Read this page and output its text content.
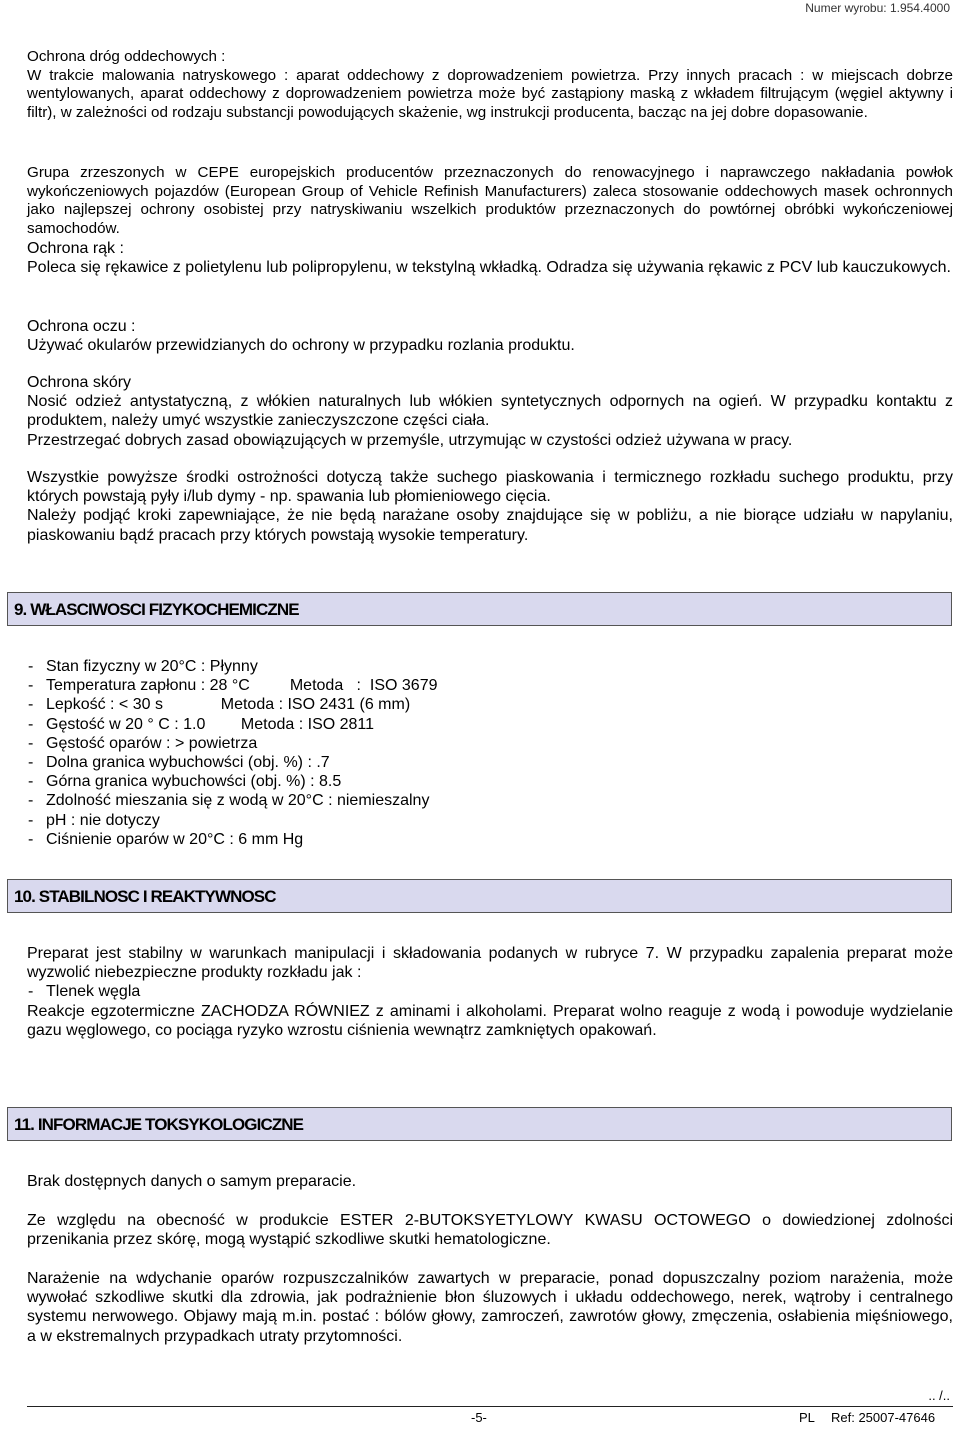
Numer wyrobu: 1.954.4000

Ochrona dróg oddechowych :

W trakcie malowania natryskowego : aparat oddechowy z doprowadzeniem powietrza. Przy innych pracach : w miejscach dobrze wentylowanych, aparat oddechowy z doprowadzeniem powietrza może być zastąpiony maską z wkładem filtrującym (węgiel aktywny i filtr), w zależności od rodzaju substancji powodujących skażenie, wg instrukcji producenta, bacząc na jej dobre dopasowanie.

Grupa zrzeszonych w CEPE europejskich producentów przeznaczonych do renowacyjnego i naprawczego nakładania powłok wykończeniowych pojazdów (European Group of Vehicle Refinish Manufacturers) zaleca stosowanie oddechowych masek ochronnych jako najlepszej ochrony osobistej przy natryskiwaniu wszelkich produktów przeznaczonych do powtórnej obróbki wykończeniowej samochodów.

Ochrona rąk :

Poleca się rękawice z polietylenu lub polipropylenu, w tekstylną wkładką. Odradza się używania rękawic z PCV lub kauczukowych.

Ochrona oczu :

Używać okularów przewidzianych do ochrony w przypadku rozlania produktu.

Ochrona skóry

Nosić odzież antystatyczną, z włókien naturalnych lub włókien syntetycznych odpornych na ogień. W przypadku kontaktu z produktem, należy umyć wszystkie zanieczyszczone części ciała.

Przestrzegać dobrych zasad obowiązujących w przemyśle, utrzymując w czystości odzież używana w pracy.

Wszystkie powyższe środki ostrożności dotyczą także suchego piaskowania i termicznego rozkładu suchego produktu, przy których powstają pyły i/lub dymy - np. spawania lub płomieniowego cięcia.

Należy podjąć kroki zapewniające, że nie będą narażane osoby znajdujące się w pobliżu, a nie biorące udziału w napylaniu, piaskowaniu bądź pracach przy których powstają wysokie temperatury.

9. WŁASCIWOSCI FIZYKOCHEMICZNE
- Stan fizyczny w 20°C : Płynny
- Temperatura zapłonu : 28 °C         Metoda   :  ISO 3679
- Lepkość : < 30 s             Metoda : ISO 2431 (6 mm)
- Gęstość w 20 ° C : 1.0        Metoda : ISO 2811
- Gęstość oparów : > powietrza
- Dolna granica wybuchowści (obj. %) : .7
- Górna granica wybuchowści (obj. %) : 8.5
- Zdolność mieszania się z wodą w 20°C : niemieszalny
- pH : nie dotyczy
- Ciśnienie oparów w 20°C : 6 mm Hg
10. STABILNOSC I REAKTYWNOSC

Preparat jest stabilny w warunkach manipulacji i składowania podanych w rubryce 7. W przypadku zapalenia preparat może wyzwolić niebezpieczne produkty rozkładu jak :

- Tlenek węgla

Reakcje egzotermiczne ZACHODZA RÓWNIEZ z aminami i alkoholami. Preparat wolno reaguje z wodą i powoduje wydzielanie gazu węglowego, co pociąga ryzyko wzrostu ciśnienia wewnątrz zamkniętych opakowań.

11. INFORMACJE TOKSYKOLOGICZNE

Brak dostępnych danych o samym preparacie.

Ze względu na obecność w produkcie ESTER 2-BUTOKSYETYLOWY KWASU OCTOWEGO o dowiedzionej zdolności przenikania przez skórę, mogą wystąpić szkodliwe skutki hematologiczne.

Narażenie na wdychanie oparów rozpuszczalników zawartych w preparacie, ponad dopuszczalny poziom narażenia, może wywołać szkodliwe skutki dla zdrowia, jak podrażnienie błon śluzowych i układu oddechowego, nerek, wątroby i centralnego systemu nerwowego. Objawy mają m.in. postać : bólów głowy, zamroczeń, zawrotów głowy, zmęczenia, osłabienia mięśniowego, a w ekstremalnych przypadkach utraty przytomności.

.. /..
-5-	PL Ref: 25007-47646
